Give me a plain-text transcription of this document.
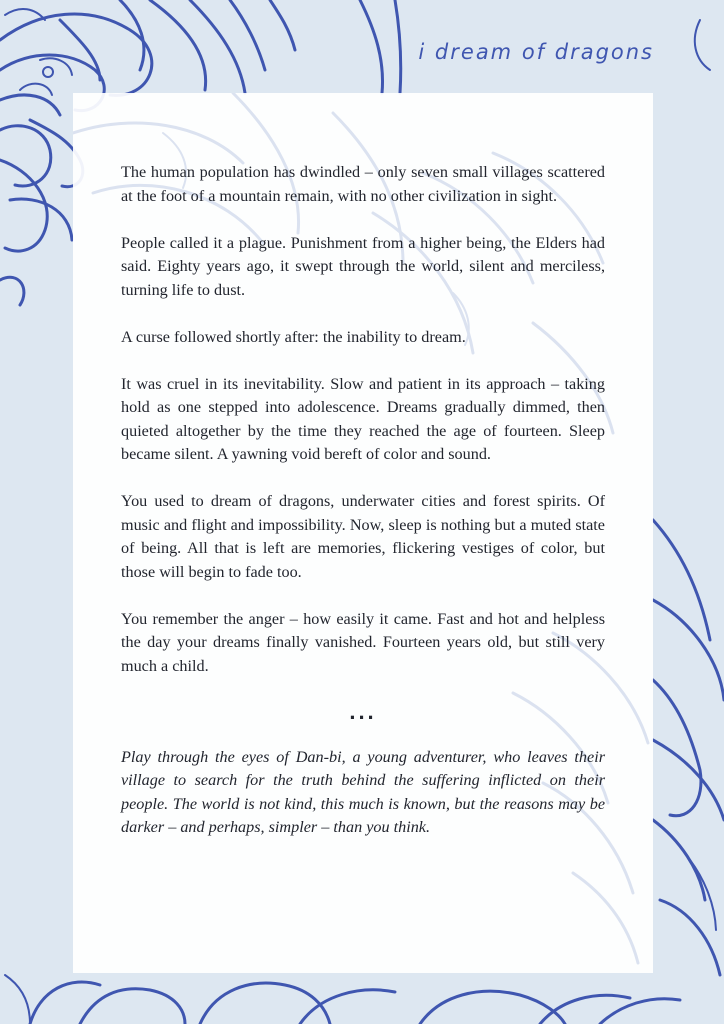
i dream of dragons

The human population has dwindled – only seven small villages scattered at the foot of a mountain remain, with no other civilization in sight.

People called it a plague. Punishment from a higher being, the Elders had said. Eighty years ago, it swept through the world, silent and merciless, turning life to dust.

A curse followed shortly after: the inability to dream.

It was cruel in its inevitability. Slow and patient in its approach – taking hold as one stepped into adolescence. Dreams gradually dimmed, then quieted altogether by the time they reached the age of fourteen. Sleep became silent. A yawning void bereft of color and sound.

You used to dream of dragons, underwater cities and forest spirits. Of music and flight and impossibility. Now, sleep is nothing but a muted state of being. All that is left are memories, flickering vestiges of color, but those will begin to fade too.

You remember the anger – how easily it came. Fast and hot and helpless the day your dreams finally vanished. Fourteen years old, but still very much a child.

...

Play through the eyes of Dan-bi, a young adventurer, who leaves their village to search for the truth behind the suffering inflicted on their people. The world is not kind, this much is known, but the reasons may be darker – and perhaps, simpler – than you think.
